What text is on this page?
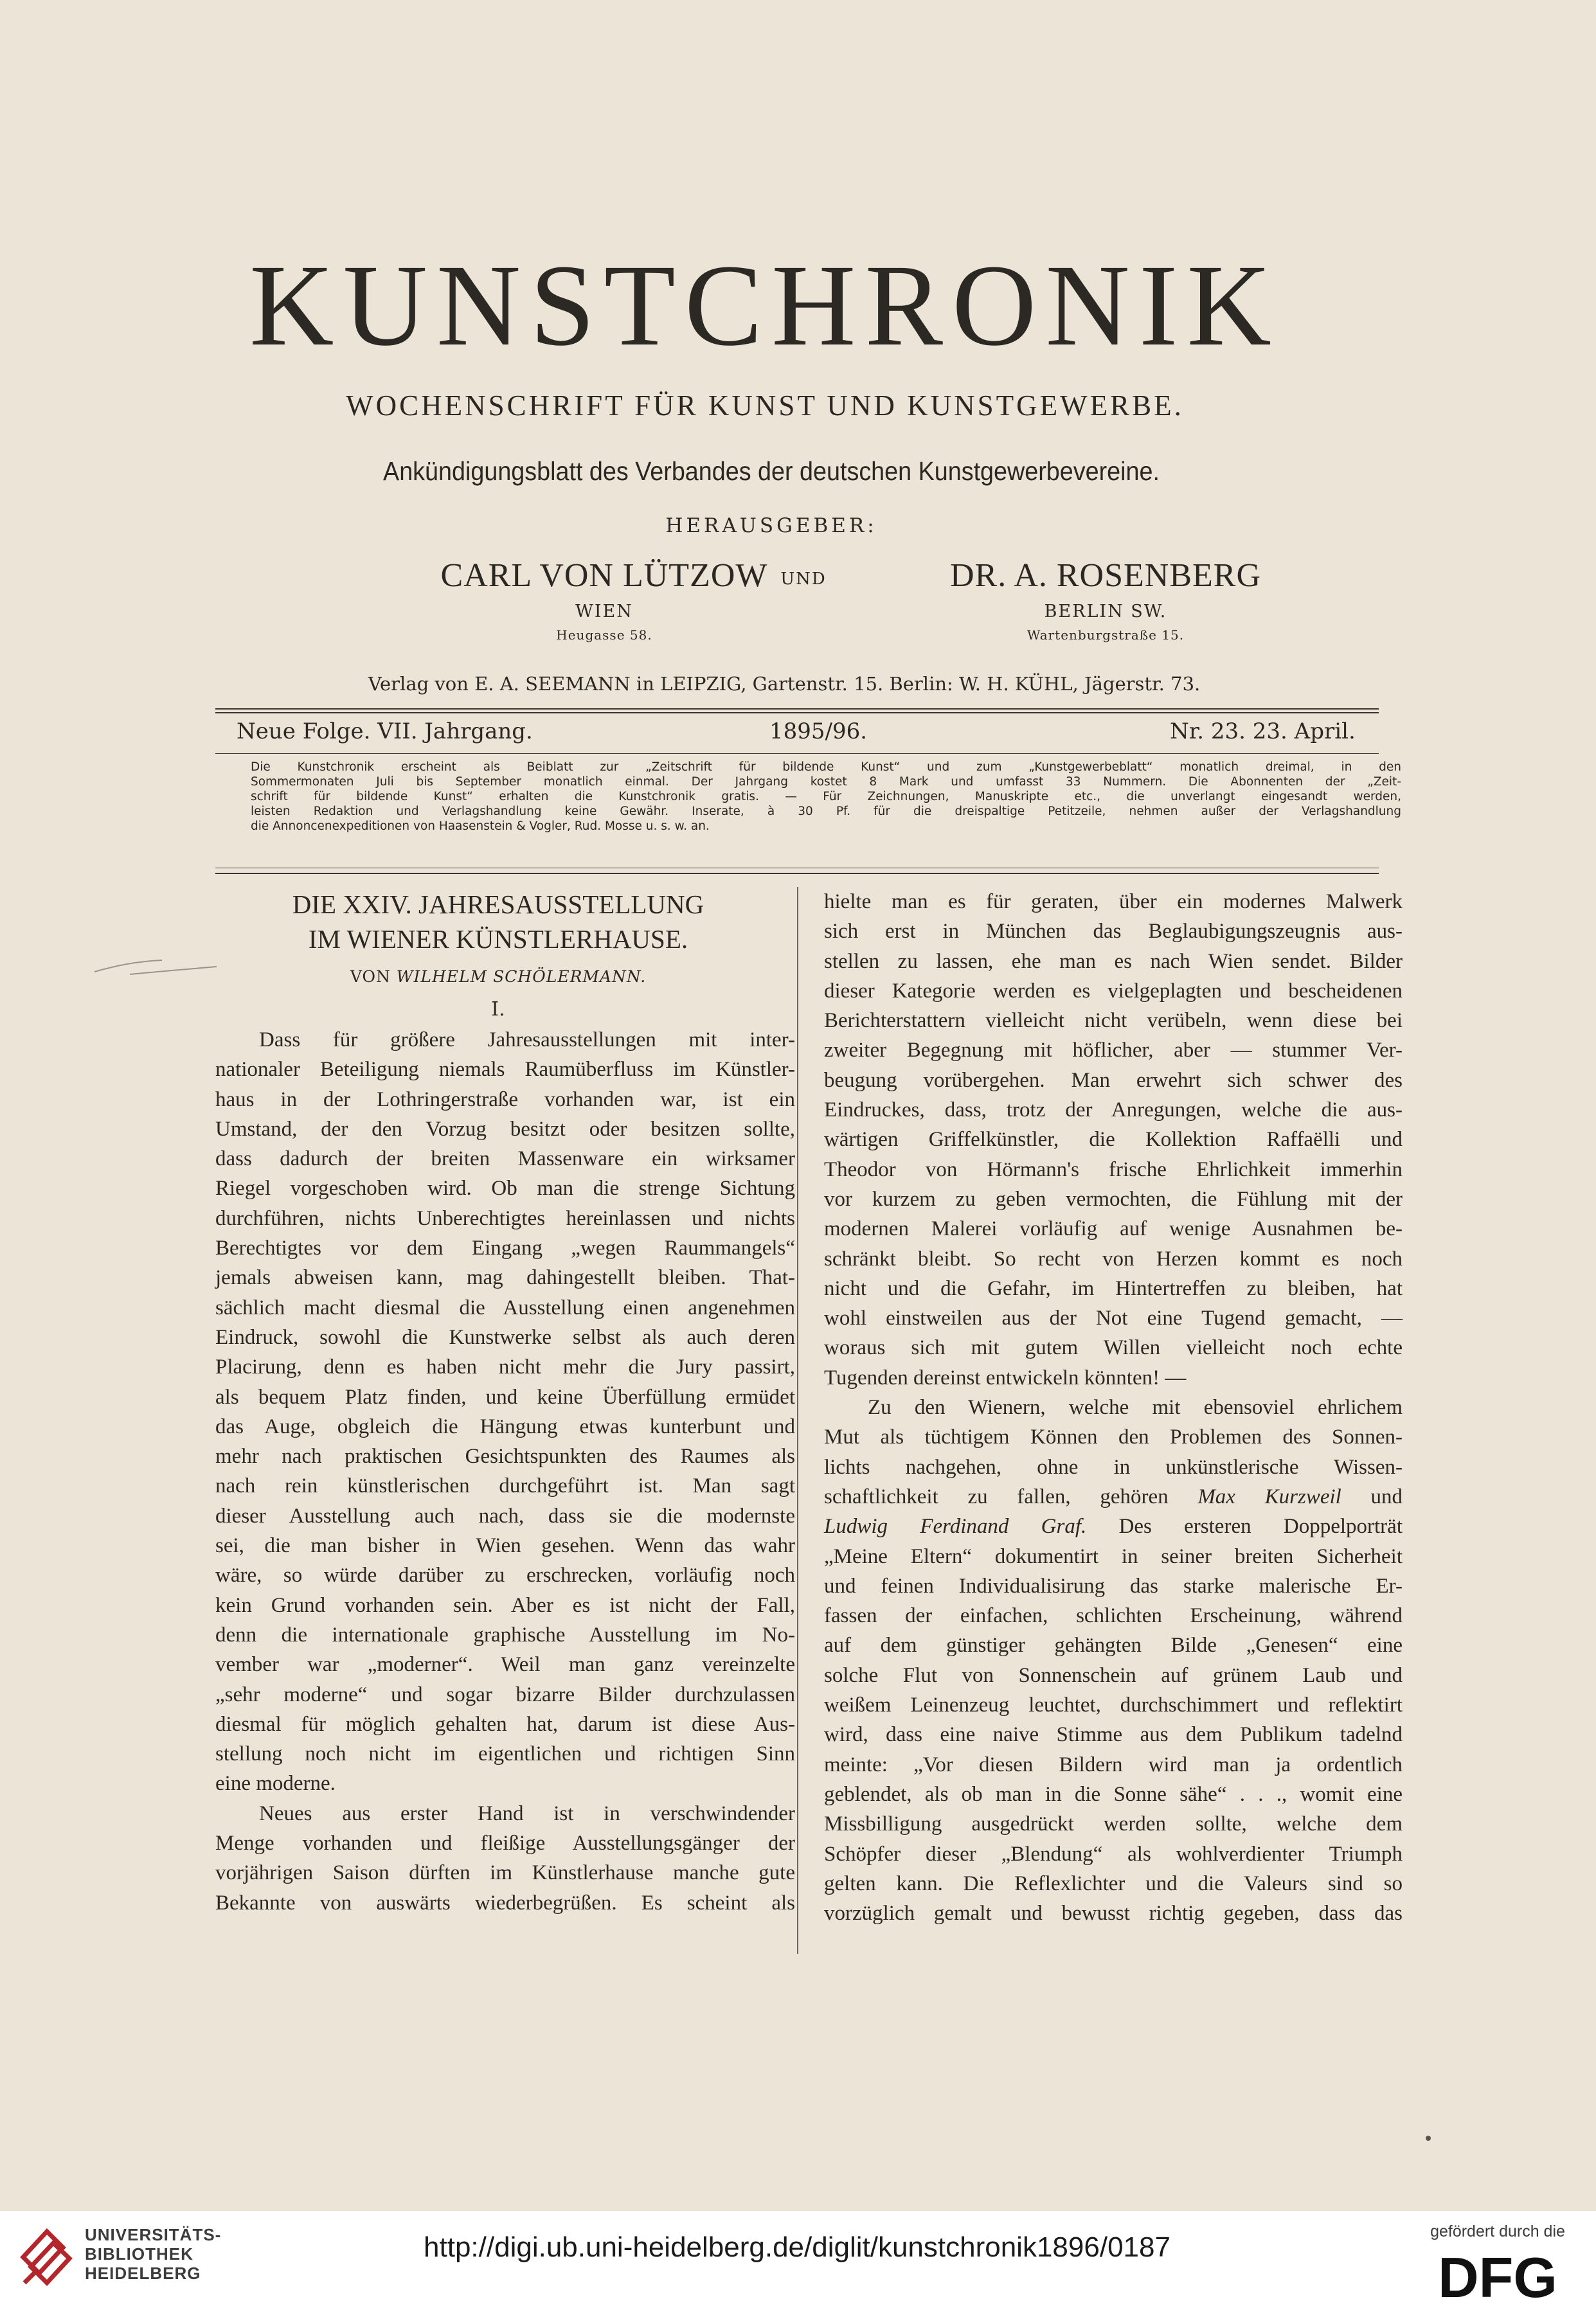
KUNSTCHRONIK
WOCHENSCHRIFT FÜR KUNST UND KUNSTGEWERBE.
Ankündigungsblatt des Verbandes der deutschen Kunstgewerbevereine.
HERAUSGEBER:
CARL VON LÜTZOW UND	DR. A. ROSENBERG
WIEN	BERLIN SW.
Heugasse 58.	Wartenburgstraße 15.
Verlag von E. A. SEEMANN in LEIPZIG, Gartenstr. 15. Berlin: W. H. KÜHL, Jägerstr. 73.
Neue Folge. VII. Jahrgang.	1895/96.	Nr. 23. 23. April.
Die Kunstchronik erscheint als Beiblatt zur „Zeitschrift für bildende Kunst“ und zum „Kunstgewerbeblatt“ monatlich dreimal, in den
Sommermonaten Juli bis September monatlich einmal. Der Jahrgang kostet 8 Mark und umfasst 33 Nummern. Die Abonnenten der „Zeit-
schrift für bildende Kunst“ erhalten die Kunstchronik gratis. — Für Zeichnungen, Manuskripte etc., die unverlangt eingesandt werden,
leisten Redaktion und Verlagshandlung keine Gewähr. Inserate, à 30 Pf. für die dreispaltige Petitzeile, nehmen außer der Verlagshandlung
die Annoncenexpeditionen von Haasenstein & Vogler, Rud. Mosse u. s. w. an.
DIE XXIV. JAHRESAUSSTELLUNG
IM WIENER KÜNSTLERHAUSE.
VON WILHELM SCHÖLERMANN.
I.
Dass für größere Jahresausstellungen mit inter-
nationaler Beteiligung niemals Raumüberfluss im Künstler-
haus in der Lothringerstraße vorhanden war, ist ein
Umstand, der den Vorzug besitzt oder besitzen sollte,
dass dadurch der breiten Massenware ein wirksamer
Riegel vorgeschoben wird. Ob man die strenge Sichtung
durchführen, nichts Unberechtigtes hereinlassen und nichts
Berechtigtes vor dem Eingang „wegen Raummangels“
jemals abweisen kann, mag dahingestellt bleiben. That-
sächlich macht diesmal die Ausstellung einen angenehmen
Eindruck, sowohl die Kunstwerke selbst als auch deren
Placirung, denn es haben nicht mehr die Jury passirt,
als bequem Platz finden, und keine Überfüllung ermüdet
das Auge, obgleich die Hängung etwas kunterbunt und
mehr nach praktischen Gesichtspunkten des Raumes als
nach rein künstlerischen durchgeführt ist. Man sagt
dieser Ausstellung auch nach, dass sie die modernste
sei, die man bisher in Wien gesehen. Wenn das wahr
wäre, so würde darüber zu erschrecken, vorläufig noch
kein Grund vorhanden sein. Aber es ist nicht der Fall,
denn die internationale graphische Ausstellung im No-
vember war „moderner“. Weil man ganz vereinzelte
„sehr moderne“ und sogar bizarre Bilder durchzulassen
diesmal für möglich gehalten hat, darum ist diese Aus-
stellung noch nicht im eigentlichen und richtigen Sinn
eine moderne.
Neues aus erster Hand ist in verschwindender
Menge vorhanden und fleißige Ausstellungsgänger der
vorjährigen Saison dürften im Künstlerhause manche gute
Bekannte von auswärts wiederbegrüßen. Es scheint als
hielte man es für geraten, über ein modernes Malwerk
sich erst in München das Beglaubigungszeugnis aus-
stellen zu lassen, ehe man es nach Wien sendet. Bilder
dieser Kategorie werden es vielgeplagten und bescheidenen
Berichterstattern vielleicht nicht verübeln, wenn diese bei
zweiter Begegnung mit höflicher, aber — stummer Ver-
beugung vorübergehen. Man erwehrt sich schwer des
Eindruckes, dass, trotz der Anregungen, welche die aus-
wärtigen Griffelkünstler, die Kollektion Raffaëlli und
Theodor von Hörmann's frische Ehrlichkeit immerhin
vor kurzem zu geben vermochten, die Fühlung mit der
modernen Malerei vorläufig auf wenige Ausnahmen be-
schränkt bleibt. So recht von Herzen kommt es noch
nicht und die Gefahr, im Hintertreffen zu bleiben, hat
wohl einstweilen aus der Not eine Tugend gemacht, —
woraus sich mit gutem Willen vielleicht noch echte
Tugenden dereinst entwickeln könnten! —
Zu den Wienern, welche mit ebensoviel ehrlichem
Mut als tüchtigem Können den Problemen des Sonnen-
lichts nachgehen, ohne in unkünstlerische Wissen-
schaftlichkeit zu fallen, gehören Max Kurzweil und
Ludwig Ferdinand Graf. Des ersteren Doppelporträt
„Meine Eltern“ dokumentirt in seiner breiten Sicherheit
und feinen Individualisirung das starke malerische Er-
fassen der einfachen, schlichten Erscheinung, während
auf dem günstiger gehängten Bilde „Genesen“ eine
solche Flut von Sonnenschein auf grünem Laub und
weißem Leinenzeug leuchtet, durchschimmert und reflektirt
wird, dass eine naive Stimme aus dem Publikum tadelnd
meinte: „Vor diesen Bildern wird man ja ordentlich
geblendet, als ob man in die Sonne sähe“ . . ., womit eine
Missbilligung ausgedrückt werden sollte, welche dem
Schöpfer dieser „Blendung“ als wohlverdienter Triumph
gelten kann. Die Reflexlichter und die Valeurs sind so
vorzüglich gemalt und bewusst richtig gegeben, dass das
UNIVERSITÄTS-
BIBLIOTHEK
HEIDELBERG
http://digi.ub.uni-heidelberg.de/diglit/kunstchronik1896/0187	gefördert durch die
DFG
